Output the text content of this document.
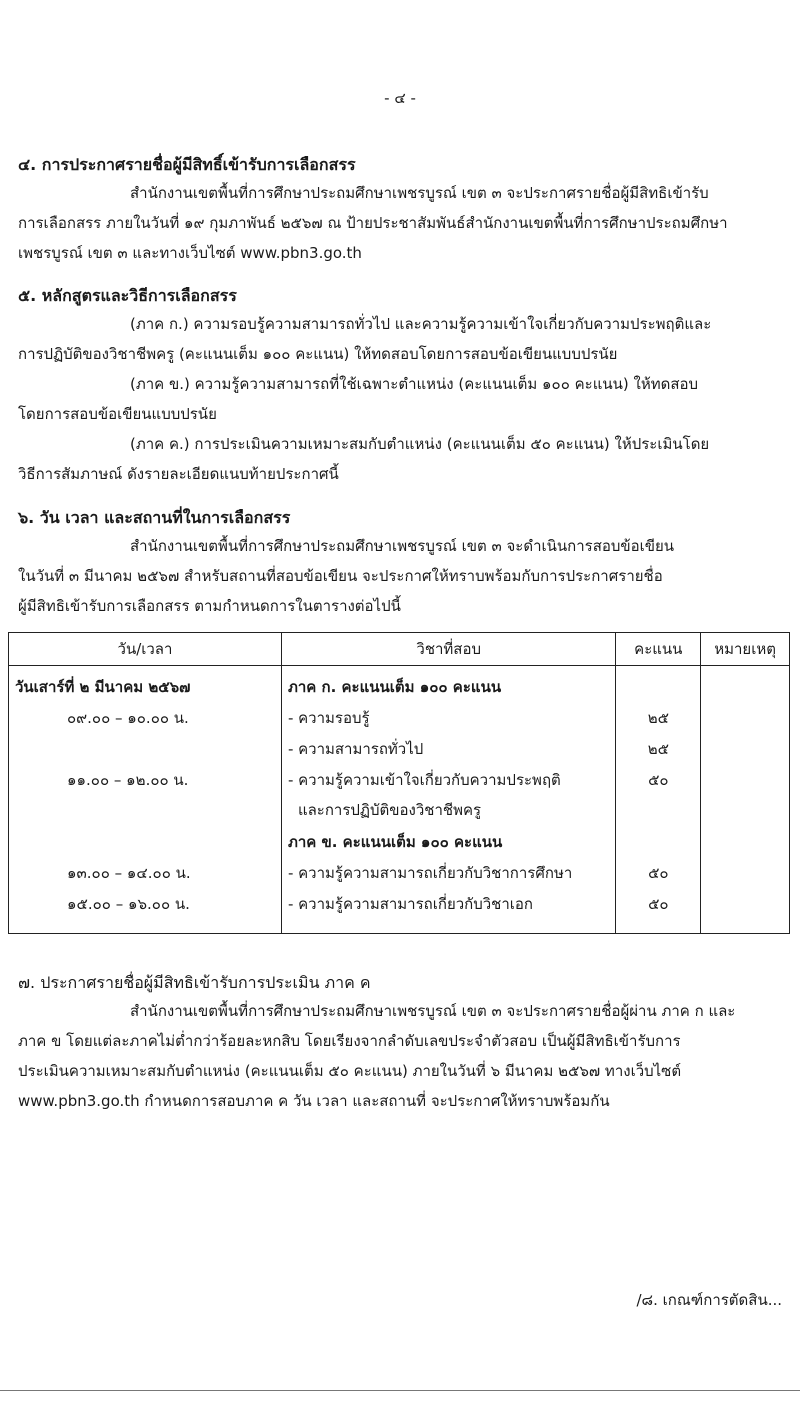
- ๔ -
๔. การประกาศรายชื่อผู้มีสิทธิ์เข้ารับการเลือกสรร
สำนักงานเขตพื้นที่การศึกษาประถมศึกษาเพชรบูรณ์ เขต ๓ จะประกาศรายชื่อผู้มีสิทธิเข้ารับ
การเลือกสรร ภายในวันที่ ๑๙ กุมภาพันธ์ ๒๕๖๗ ณ ป้ายประชาสัมพันธ์สำนักงานเขตพื้นที่การศึกษาประถมศึกษา
เพชรบูรณ์ เขต ๓ และทางเว็บไซต์ www.pbn3.go.th
๕. หลักสูตรและวิธีการเลือกสรร
(ภาค ก.) ความรอบรู้ความสามารถทั่วไป และความรู้ความเข้าใจเกี่ยวกับความประพฤติและ
การปฏิบัติของวิชาชีพครู (คะแนนเต็ม ๑๐๐ คะแนน) ให้ทดสอบโดยการสอบข้อเขียนแบบปรนัย
(ภาค ข.) ความรู้ความสามารถที่ใช้เฉพาะตำแหน่ง (คะแนนเต็ม ๑๐๐ คะแนน) ให้ทดสอบ
โดยการสอบข้อเขียนแบบปรนัย
(ภาค ค.) การประเมินความเหมาะสมกับตำแหน่ง (คะแนนเต็ม ๕๐ คะแนน) ให้ประเมินโดย
วิธีการสัมภาษณ์ ดังรายละเอียดแนบท้ายประกาศนี้
๖. วัน เวลา และสถานที่ในการเลือกสรร
สำนักงานเขตพื้นที่การศึกษาประถมศึกษาเพชรบูรณ์ เขต ๓ จะดำเนินการสอบข้อเขียน
ในวันที่ ๓ มีนาคม ๒๕๖๗ สำหรับสถานที่สอบข้อเขียน จะประกาศให้ทราบพร้อมกับการประกาศรายชื่อ
ผู้มีสิทธิเข้ารับการเลือกสรร ตามกำหนดการในตารางต่อไปนี้
วัน/เวลา	วิชาที่สอบ	คะแนน	หมายเหตุ
วันเสาร์ที่ ๒ มีนาคม ๒๕๖๗	ภาค ก. คะแนนเต็ม ๑๐๐ คะแนน		
๐๙.๐๐ – ๑๐.๐๐ น.	- ความรอบรู้	๒๕	
	- ความสามารถทั่วไป	๒๕	
๑๑.๐๐ – ๑๒.๐๐ น.	- ความรู้ความเข้าใจเกี่ยวกับความประพฤติ
และการปฏิบัติของวิชาชีพครู	๕๐	
	ภาค ข. คะแนนเต็ม ๑๐๐ คะแนน		
๑๓.๐๐ – ๑๔.๐๐ น.	- ความรู้ความสามารถเกี่ยวกับวิชาการศึกษา	๕๐	
๑๕.๐๐ – ๑๖.๐๐ น.	- ความรู้ความสามารถเกี่ยวกับวิชาเอก	๕๐	
๗. ประกาศรายชื่อผู้มีสิทธิเข้ารับการประเมิน ภาค ค
สำนักงานเขตพื้นที่การศึกษาประถมศึกษาเพชรบูรณ์ เขต ๓ จะประกาศรายชื่อผู้ผ่าน ภาค ก และ
ภาค ข โดยแต่ละภาคไม่ต่ำกว่าร้อยละหกสิบ โดยเรียงจากลำดับเลขประจำตัวสอบ เป็นผู้มีสิทธิเข้ารับการ
ประเมินความเหมาะสมกับตำแหน่ง (คะแนนเต็ม ๕๐ คะแนน) ภายในวันที่ ๖ มีนาคม ๒๕๖๗ ทางเว็บไซต์
www.pbn3.go.th กำหนดการสอบภาค ค วัน เวลา และสถานที่ จะประกาศให้ทราบพร้อมกัน
/๘. เกณฑ์การตัดสิน...
